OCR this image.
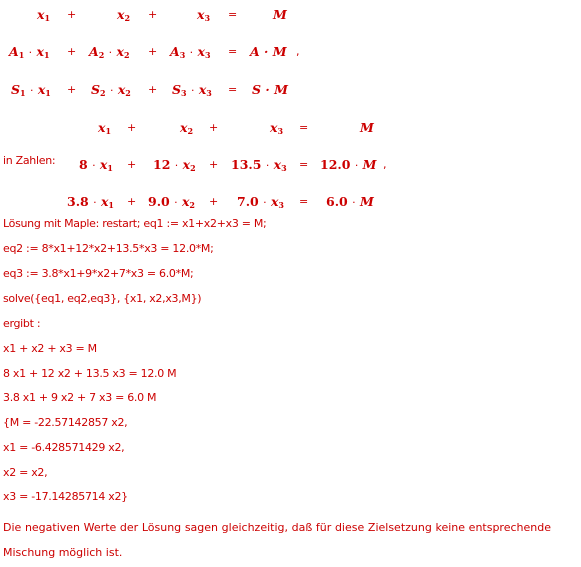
$x_1$ +	$x_2$ +	$x_3$ =	M
$A_1 \cdot x_1 + A_2 \cdot x_2 + A_3 \cdot x_3 = A \cdot M$ ,
$S_1 \cdot x_1 + S_2 \cdot x_2 + S_3 \cdot x_3 = S \cdot M$
$x_1$ +	$x_2$ +	$x_3$ =	M
in Zahlen: $8 \cdot x_1 + 12 \cdot x_2 + 13.5 \cdot x_3 = 12.0 \cdot M$ ,
$3.8 \cdot x_1 + 9.0 \cdot x_2 + 7.0 \cdot x_3 = 6.0 \cdot M$
Lösung mit Maple: restart; eq1 := x1+x2+x3 = M;
eq2 := 8*x1+12*x2+13.5*x3 = 12.0*M;
eq3 := 3.8*x1+9*x2+7*x3 = 6.0*M;
solve({eq1, eq2,eq3}, {x1, x2,x3,M})
ergibt :
x1 + x2 + x3 = M
8 x1 + 12 x2 + 13.5 x3 = 12.0 M
3.8 x1 + 9 x2 + 7 x3 = 6.0 M
{M = -22.57142857 x2,
x1 = -6.428571429 x2,
x2 = x2,
x3 = -17.14285714 x2}
Die negativen Werte der Lösung sagen gleichzeitig, daß für diese Zielsetzung keine entsprechende Mischung möglich ist.
